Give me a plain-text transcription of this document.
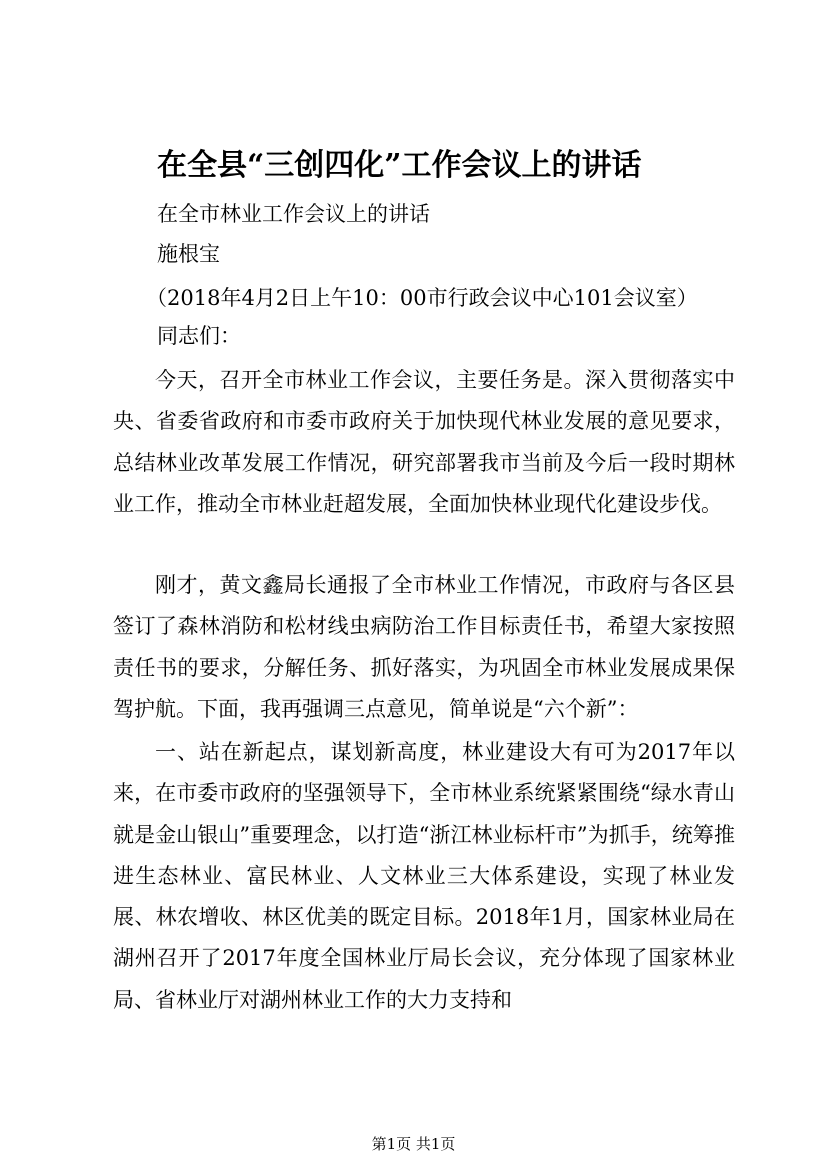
在全县“三创四化”工作会议上的讲话
在全市林业工作会议上的讲话
施根宝
（2018年4月2日上午10：00市行政会议中心101会议室）
同志们：

今天，召开全市林业工作会议，主要任务是。深入贯彻落实中央、省委省政府和市委市政府关于加快现代林业发展的意见要求，总结林业改革发展工作情况，研究部署我市当前及今后一段时期林业工作，推动全市林业赶超发展，全面加快林业现代化建设步伐。

刚才，黄文鑫局长通报了全市林业工作情况，市政府与各区县签订了森林消防和松材线虫病防治工作目标责任书，希望大家按照责任书的要求，分解任务、抓好落实，为巩固全市林业发展成果保驾护航。下面，我再强调三点意见，简单说是“六个新”：

一、站在新起点，谋划新高度，林业建设大有可为2017年以来，在市委市政府的坚强领导下，全市林业系统紧紧围绕“绿水青山就是金山银山”重要理念，以打造“浙江林业标杆市”为抓手，统筹推进生态林业、富民林业、人文林业三大体系建设，实现了林业发展、林农增收、林区优美的既定目标。2018年1月，国家林业局在湖州召开了2017年度全国林业厅局长会议，充分体现了国家林业局、省林业厅对湖州林业工作的大力支持和

第1页 共1页
